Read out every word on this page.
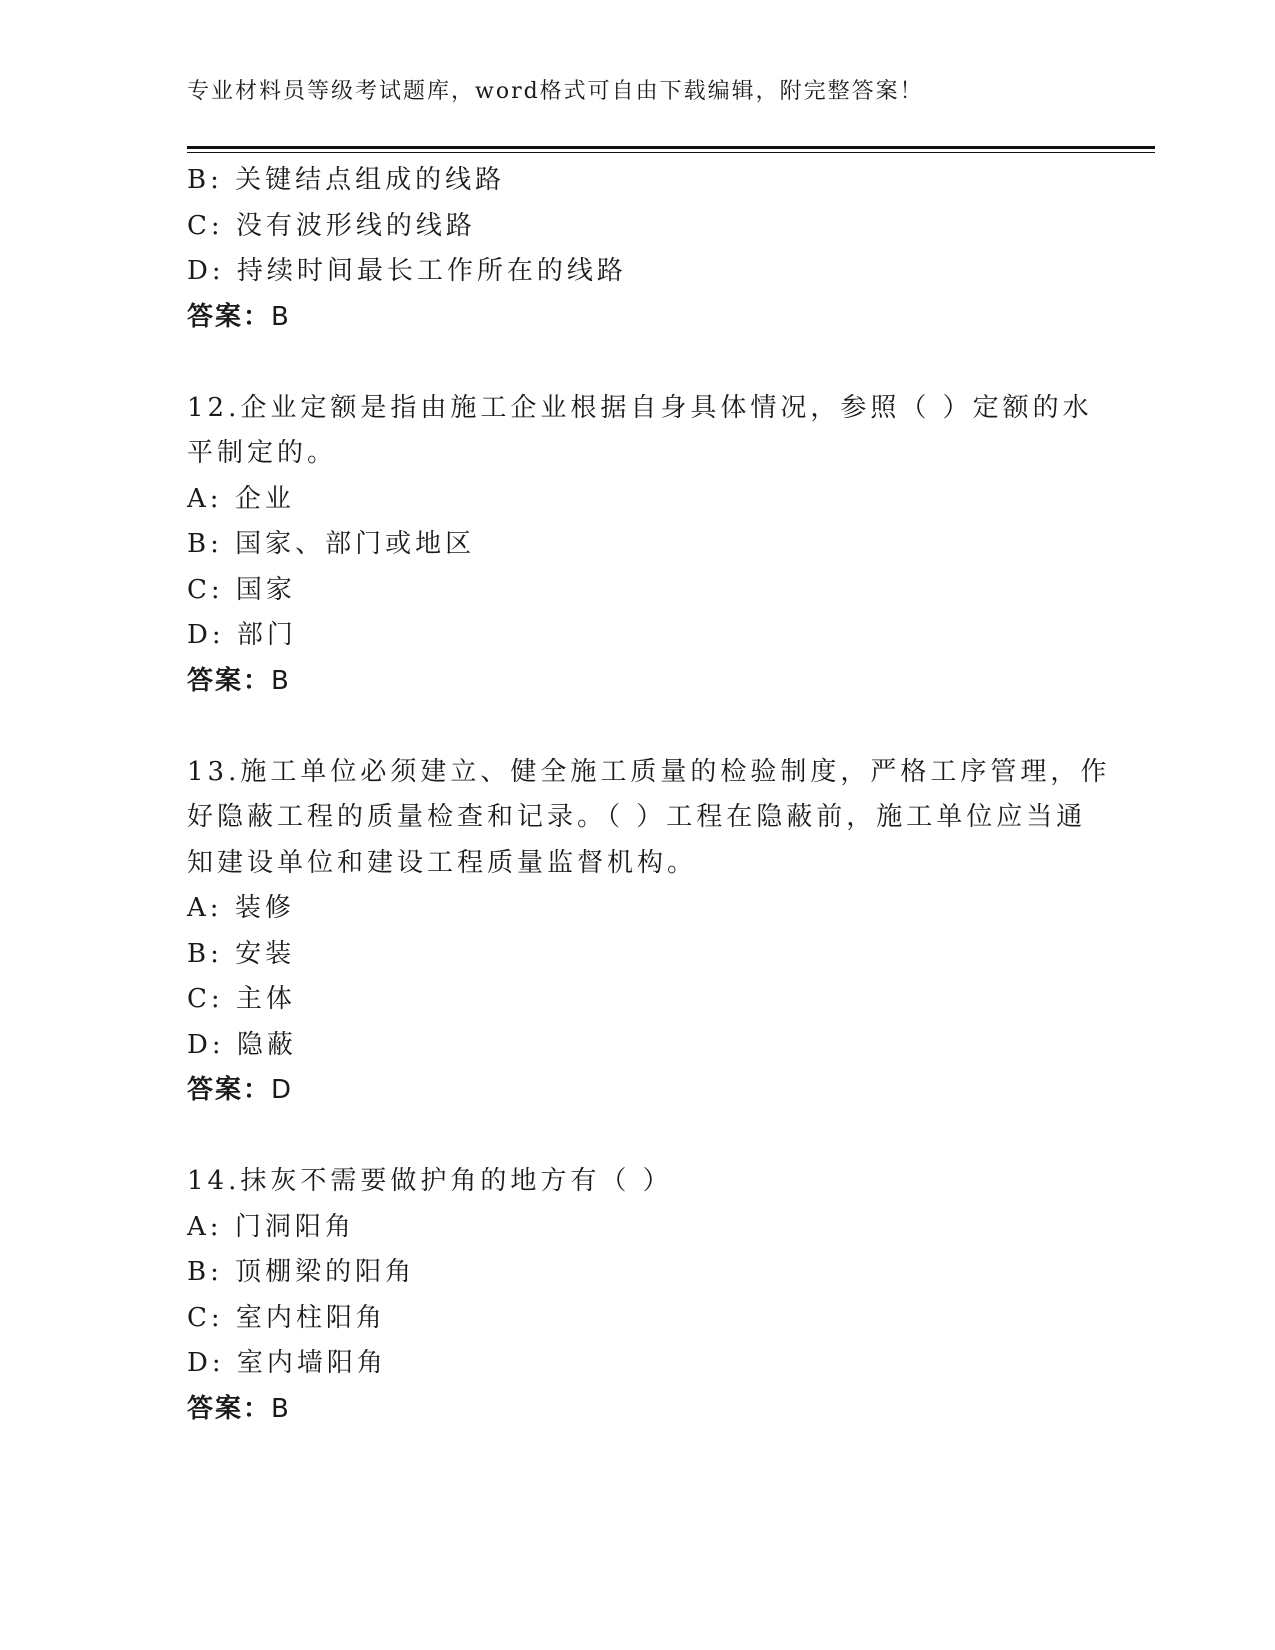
专业材料员等级考试题库，word格式可自由下载编辑，附完整答案！
B: 关键结点组成的线路
C: 没有波形线的线路
D: 持续时间最长工作所在的线路
答案：B
12.企业定额是指由施工企业根据自身具体情况，参照（ ）定额的水
平制定的。
A: 企业
B: 国家、部门或地区
C: 国家
D: 部门
答案：B
13.施工单位必须建立、健全施工质量的检验制度，严格工序管理，作
好隐蔽工程的质量检查和记录。（ ）工程在隐蔽前，施工单位应当通
知建设单位和建设工程质量监督机构。
A: 装修
B: 安装
C: 主体
D: 隐蔽
答案：D
14.抹灰不需要做护角的地方有（ ）
A: 门洞阳角
B: 顶棚梁的阳角
C: 室内柱阳角
D: 室内墙阳角
答案：B
